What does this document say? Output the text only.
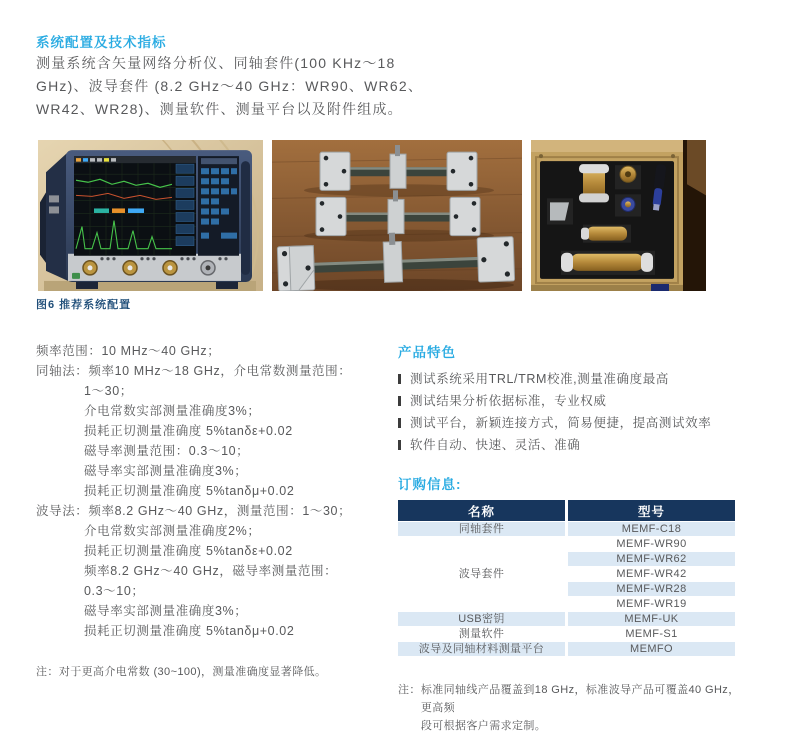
系统配置及技术指标
测量系统含矢量网络分析仪、同轴套件(100 KHz～18
GHz)、波导套件 (8.2 GHz～40 GHz：WR90、WR62、
WR42、WR28)、测量软件、测量平台以及附件组成。
图6 推荐系统配置
频率范围：10 MHz～40 GHz；
同轴法：频率10 MHz～18 GHz，介电常数测量范围：
1～30；
介电常数实部测量准确度3%；
损耗正切测量准确度 5%tanδε+0.02
磁导率测量范围：0.3～10；
磁导率实部测量准确度3%；
损耗正切测量准确度 5%tanδμ+0.02
波导法：频率8.2 GHz～40 GHz，测量范围：1～30；
介电常数实部测量准确度2%；
损耗正切测量准确度 5%tanδε+0.02
频率8.2 GHz～40 GHz，磁导率测量范围：
0.3～10；
磁导率实部测量准确度3%；
损耗正切测量准确度 5%tanδμ+0.02
注： 对于更高介电常数 (30~100)，测量准确度显著降低。
产品特色
测试系统采用TRL/TRM校准,测量准确度最高
测试结果分析依据标准，专业权威
测试平台，新颖连接方式，简易便捷，提高测试效率
软件自动、快速、灵活、准确
订购信息:
名称	型号
同轴套件	MEMF-C18
波导套件	MEMF-WR90
	MEMF-WR62
	MEMF-WR42
	MEMF-WR28
	MEMF-WR19
USB密钥	MEMF-UK
测量软件	MEMF-S1
波导及同轴材料测量平台	MEMFO
注： 标准同轴线产品覆盖到18 GHz，标准波导产品可覆盖40 GHz，更高频
段可根据客户需求定制。
